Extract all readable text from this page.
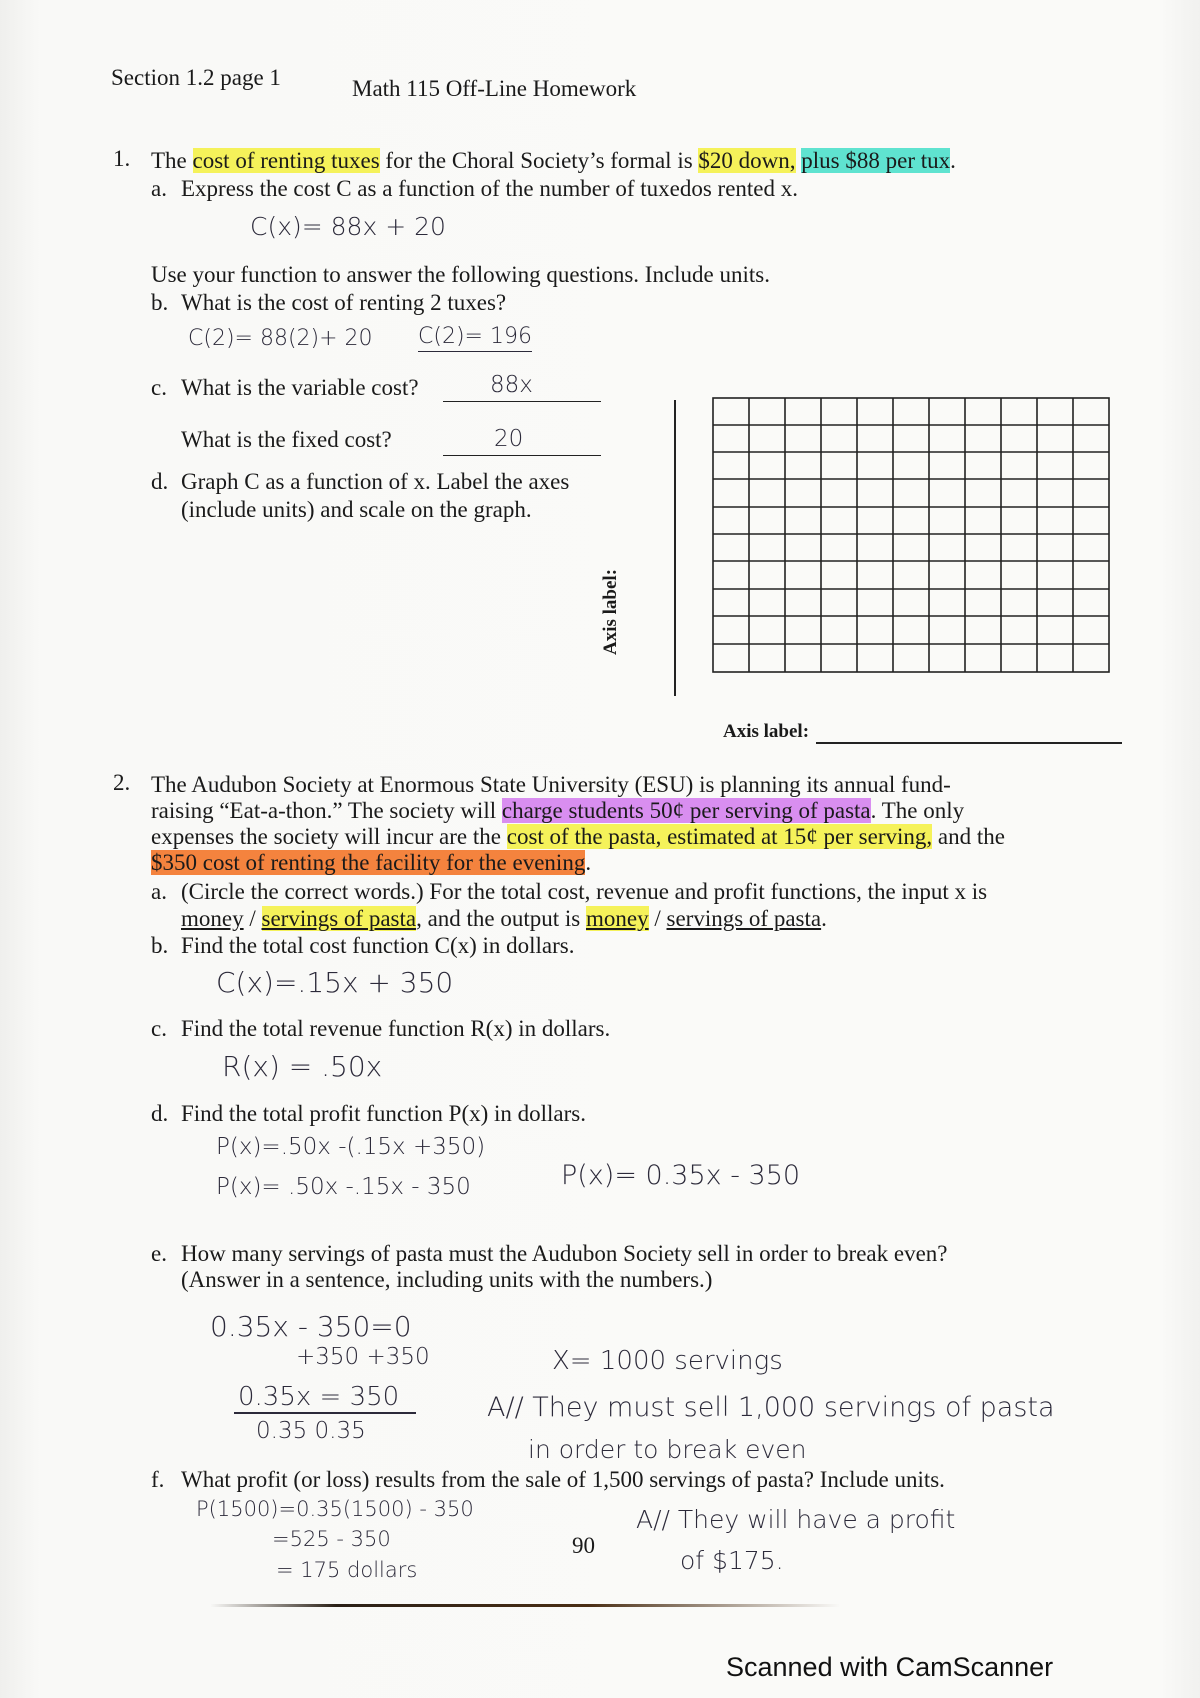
Section 1.2 page 1	Math 115 Off-Line Homework
1. The cost of renting tuxes for the Choral Society’s formal is $20 down, plus $88 per tux.
a. Express the cost C as a function of the number of tuxedos rented x.
C(x)= 88x + 20
Use your function to answer the following questions. Include units.
b. What is the cost of renting 2 tuxes?
C(2)= 88(2)+ 20 C(2)= 196
c. What is the variable cost?	88x
What is the fixed cost?	20
d. Graph C as a function of x. Label the axes
(include units) and scale on the graph.
Axis label:
Axis label:
2. The Audubon Society at Enormous State University (ESU) is planning its annual fund-
raising “Eat-a-thon.” The society will charge students 50¢ per serving of pasta. The only
expenses the society will incur are the cost of the pasta, estimated at 15¢ per serving, and the
$350 cost of renting the facility for the evening.
a. (Circle the correct words.) For the total cost, revenue and profit functions, the input x is
money / servings of pasta, and the output is money / servings of pasta.
b. Find the total cost function C(x) in dollars.
C(x)=.15x + 350
c. Find the total revenue function R(x) in dollars.
R(x) = .50x
d. Find the total profit function P(x) in dollars.
P(x)=.50x -(.15x +350)
P(x)= .50x -.15x - 350	P(x)= 0.35x - 350
e. How many servings of pasta must the Audubon Society sell in order to break even?
(Answer in a sentence, including units with the numbers.)
0.35x - 350=0
+350 +350
0.35x = 350
0.35 0.35
X= 1000 servings
A// They must sell 1,000 servings of pasta
in order to break even
f. What profit (or loss) results from the sale of 1,500 servings of pasta? Include units.
P(1500)=0.35(1500) - 350
=525 - 350
= 175 dollars
A// They will have a profit
of $175.
90
Scanned with CamScanner
